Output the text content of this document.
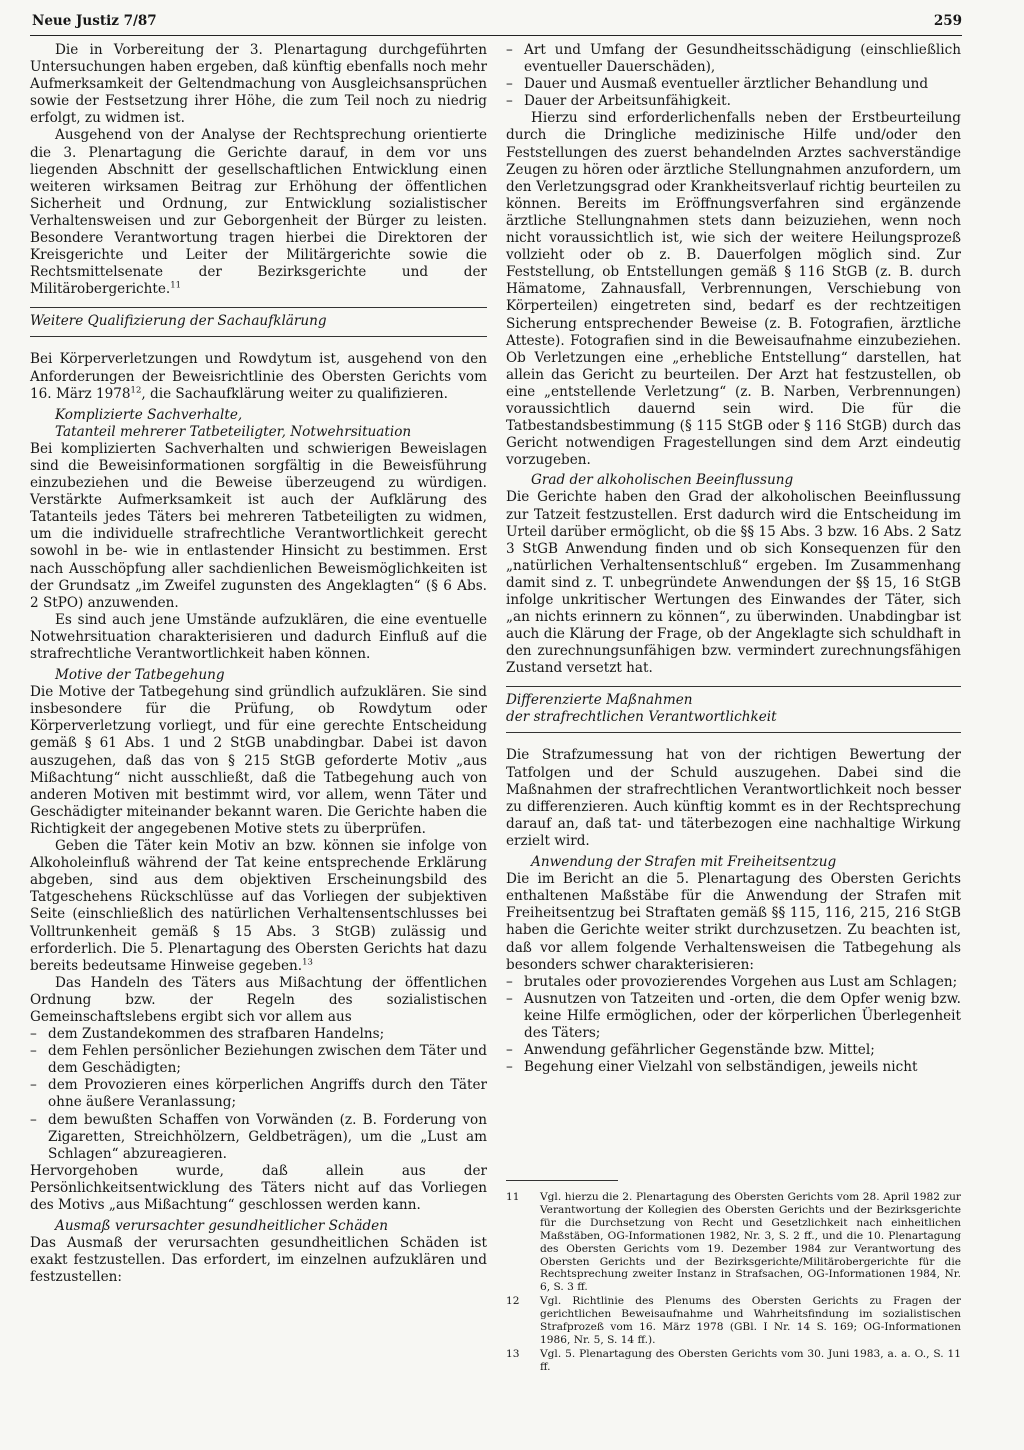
Neue Justiz 7/87	259

Die in Vorbereitung der 3. Plenartagung durchgeführten Untersuchungen haben ergeben, daß künftig ebenfalls noch mehr Aufmerksamkeit der Geltendmachung von Ausgleichsansprüchen sowie der Festsetzung ihrer Höhe, die zum Teil noch zu niedrig erfolgt, zu widmen ist.

Ausgehend von der Analyse der Rechtsprechung orientierte die 3. Plenartagung die Gerichte darauf, in dem vor uns liegenden Abschnitt der gesellschaftlichen Entwicklung einen weiteren wirksamen Beitrag zur Erhöhung der öffentlichen Sicherheit und Ordnung, zur Entwicklung sozialistischer Verhaltensweisen und zur Geborgenheit der Bürger zu leisten. Besondere Verantwortung tragen hierbei die Direktoren der Kreisgerichte und Leiter der Militärgerichte sowie die Rechtsmittelsenate der Bezirksgerichte und der Militärobergerichte.$^{11}$

Weitere Qualifizierung der Sachaufklärung

Bei Körperverletzungen und Rowdytum ist, ausgehend von den Anforderungen der Beweisrichtlinie des Obersten Gerichts vom 16. März 1978$^{12}$, die Sachaufklärung weiter zu qualifizieren.

Komplizierte Sachverhalte,
Tatanteil mehrerer Tatbeteiligter, Notwehrsituation

Bei komplizierten Sachverhalten und schwierigen Beweislagen sind die Beweisinformationen sorgfältig in die Beweisführung einzubeziehen und die Beweise überzeugend zu würdigen. Verstärkte Aufmerksamkeit ist auch der Aufklärung des Tatanteils jedes Täters bei mehreren Tatbeteiligten zu widmen, um die individuelle strafrechtliche Verantwortlichkeit gerecht sowohl in be- wie in entlastender Hinsicht zu bestimmen. Erst nach Ausschöpfung aller sachdienlichen Beweismöglichkeiten ist der Grundsatz „im Zweifel zugunsten des Angeklagten“ (§ 6 Abs. 2 StPO) anzuwenden.

Es sind auch jene Umstände aufzuklären, die eine eventuelle Notwehrsituation charakterisieren und dadurch Einfluß auf die strafrechtliche Verantwortlichkeit haben können.

Motive der Tatbegehung

Die Motive der Tatbegehung sind gründlich aufzuklären. Sie sind insbesondere für die Prüfung, ob Rowdytum oder Körperverletzung vorliegt, und für eine gerechte Entscheidung gemäß § 61 Abs. 1 und 2 StGB unabdingbar. Dabei ist davon auszugehen, daß das von § 215 StGB geforderte Motiv „aus Mißachtung“ nicht ausschließt, daß die Tatbegehung auch von anderen Motiven mit bestimmt wird, vor allem, wenn Täter und Geschädigter miteinander bekannt waren. Die Gerichte haben die Richtigkeit der angegebenen Motive stets zu überprüfen.

Geben die Täter kein Motiv an bzw. können sie infolge von Alkoholeinfluß während der Tat keine entsprechende Erklärung abgeben, sind aus dem objektiven Erscheinungsbild des Tatgeschehens Rückschlüsse auf das Vorliegen der subjektiven Seite (einschließlich des natürlichen Verhaltensentschlusses bei Volltrunkenheit gemäß § 15 Abs. 3 StGB) zulässig und erforderlich. Die 5. Plenartagung des Obersten Gerichts hat dazu bereits bedeutsame Hinweise gegeben.$^{13}$

Das Handeln des Täters aus Mißachtung der öffentlichen Ordnung bzw. der Regeln des sozialistischen Gemeinschaftslebens ergibt sich vor allem aus

– dem Zustandekommen des strafbaren Handelns;
– dem Fehlen persönlicher Beziehungen zwischen dem Täter und dem Geschädigten;
– dem Provozieren eines körperlichen Angriffs durch den Täter ohne äußere Veranlassung;
– dem bewußten Schaffen von Vorwänden (z. B. Forderung von Zigaretten, Streichhölzern, Geldbeträgen), um die „Lust am Schlagen“ abzureagieren.

Hervorgehoben wurde, daß allein aus der Persönlichkeitsentwicklung des Täters nicht auf das Vorliegen des Motivs „aus Mißachtung“ geschlossen werden kann.

Ausmaß verursachter gesundheitlicher Schäden

Das Ausmaß der verursachten gesundheitlichen Schäden ist exakt festzustellen. Das erfordert, im einzelnen aufzuklären und festzustellen:

– Art und Umfang der Gesundheitsschädigung (einschließlich eventueller Dauerschäden),
– Dauer und Ausmaß eventueller ärztlicher Behandlung und
– Dauer der Arbeitsunfähigkeit.

Hierzu sind erforderlichenfalls neben der Erstbeurteilung durch die Dringliche medizinische Hilfe und/oder den Feststellungen des zuerst behandelnden Arztes sachverständige Zeugen zu hören oder ärztliche Stellungnahmen anzufordern, um den Verletzungsgrad oder Krankheitsverlauf richtig beurteilen zu können. Bereits im Eröffnungsverfahren sind ergänzende ärztliche Stellungnahmen stets dann beizuziehen, wenn noch nicht voraussichtlich ist, wie sich der weitere Heilungsprozeß vollzieht oder ob z. B. Dauerfolgen möglich sind. Zur Feststellung, ob Entstellungen gemäß § 116 StGB (z. B. durch Hämatome, Zahnausfall, Verbrennungen, Verschiebung von Körperteilen) eingetreten sind, bedarf es der rechtzeitigen Sicherung entsprechender Beweise (z. B. Fotografien, ärztliche Atteste). Fotografien sind in die Beweisaufnahme einzubeziehen. Ob Verletzungen eine „erhebliche Entstellung“ darstellen, hat allein das Gericht zu beurteilen. Der Arzt hat festzustellen, ob eine „entstellende Verletzung“ (z. B. Narben, Verbrennungen) voraussichtlich dauernd sein wird. Die für die Tatbestandsbestimmung (§ 115 StGB oder § 116 StGB) durch das Gericht notwendigen Fragestellungen sind dem Arzt eindeutig vorzugeben.

Grad der alkoholischen Beeinflussung

Die Gerichte haben den Grad der alkoholischen Beeinflussung zur Tatzeit festzustellen. Erst dadurch wird die Entscheidung im Urteil darüber ermöglicht, ob die §§ 15 Abs. 3 bzw. 16 Abs. 2 Satz 3 StGB Anwendung finden und ob sich Konsequenzen für den „natürlichen Verhaltensentschluß“ ergeben. Im Zusammenhang damit sind z. T. unbegründete Anwendungen der §§ 15, 16 StGB infolge unkritischer Wertungen des Einwandes der Täter, sich „an nichts erinnern zu können“, zu überwinden. Unabdingbar ist auch die Klärung der Frage, ob der Angeklagte sich schuldhaft in den zurechnungsunfähigen bzw. vermindert zurechnungsfähigen Zustand versetzt hat.

Differenzierte Maßnahmen
der strafrechtlichen Verantwortlichkeit

Die Strafzumessung hat von der richtigen Bewertung der Tatfolgen und der Schuld auszugehen. Dabei sind die Maßnahmen der strafrechtlichen Verantwortlichkeit noch besser zu differenzieren. Auch künftig kommt es in der Rechtsprechung darauf an, daß tat- und täterbezogen eine nachhaltige Wirkung erzielt wird.

Anwendung der Strafen mit Freiheitsentzug

Die im Bericht an die 5. Plenartagung des Obersten Gerichts enthaltenen Maßstäbe für die Anwendung der Strafen mit Freiheitsentzug bei Straftaten gemäß §§ 115, 116, 215, 216 StGB haben die Gerichte weiter strikt durchzusetzen. Zu beachten ist, daß vor allem folgende Verhaltensweisen die Tatbegehung als besonders schwer charakterisieren:

– brutales oder provozierendes Vorgehen aus Lust am Schlagen;
– Ausnutzen von Tatzeiten und -orten, die dem Opfer wenig bzw. keine Hilfe ermöglichen, oder der körperlichen Überlegenheit des Täters;
– Anwendung gefährlicher Gegenstände bzw. Mittel;
– Begehung einer Vielzahl von selbständigen, jeweils nicht
11 Vgl. hierzu die 2. Plenartagung des Obersten Gerichts vom 28. April 1982 zur Verantwortung der Kollegien des Obersten Gerichts und der Bezirksgerichte für die Durchsetzung von Recht und Gesetzlichkeit nach einheitlichen Maßstäben, OG-Informationen 1982, Nr. 3, S. 2 ff., und die 10. Plenartagung des Obersten Gerichts vom 19. Dezember 1984 zur Verantwortung des Obersten Gerichts und der Bezirksgerichte/Militärobergerichte für die Rechtsprechung zweiter Instanz in Strafsachen, OG-Informationen 1984, Nr. 6, S. 3 ff.
12 Vgl. Richtlinie des Plenums des Obersten Gerichts zu Fragen der gerichtlichen Beweisaufnahme und Wahrheitsfindung im sozialistischen Strafprozeß vom 16. März 1978 (GBl. I Nr. 14 S. 169; OG-Informationen 1986, Nr. 5, S. 14 ff.).
13 Vgl. 5. Plenartagung des Obersten Gerichts vom 30. Juni 1983, a. a. O., S. 11 ff.
